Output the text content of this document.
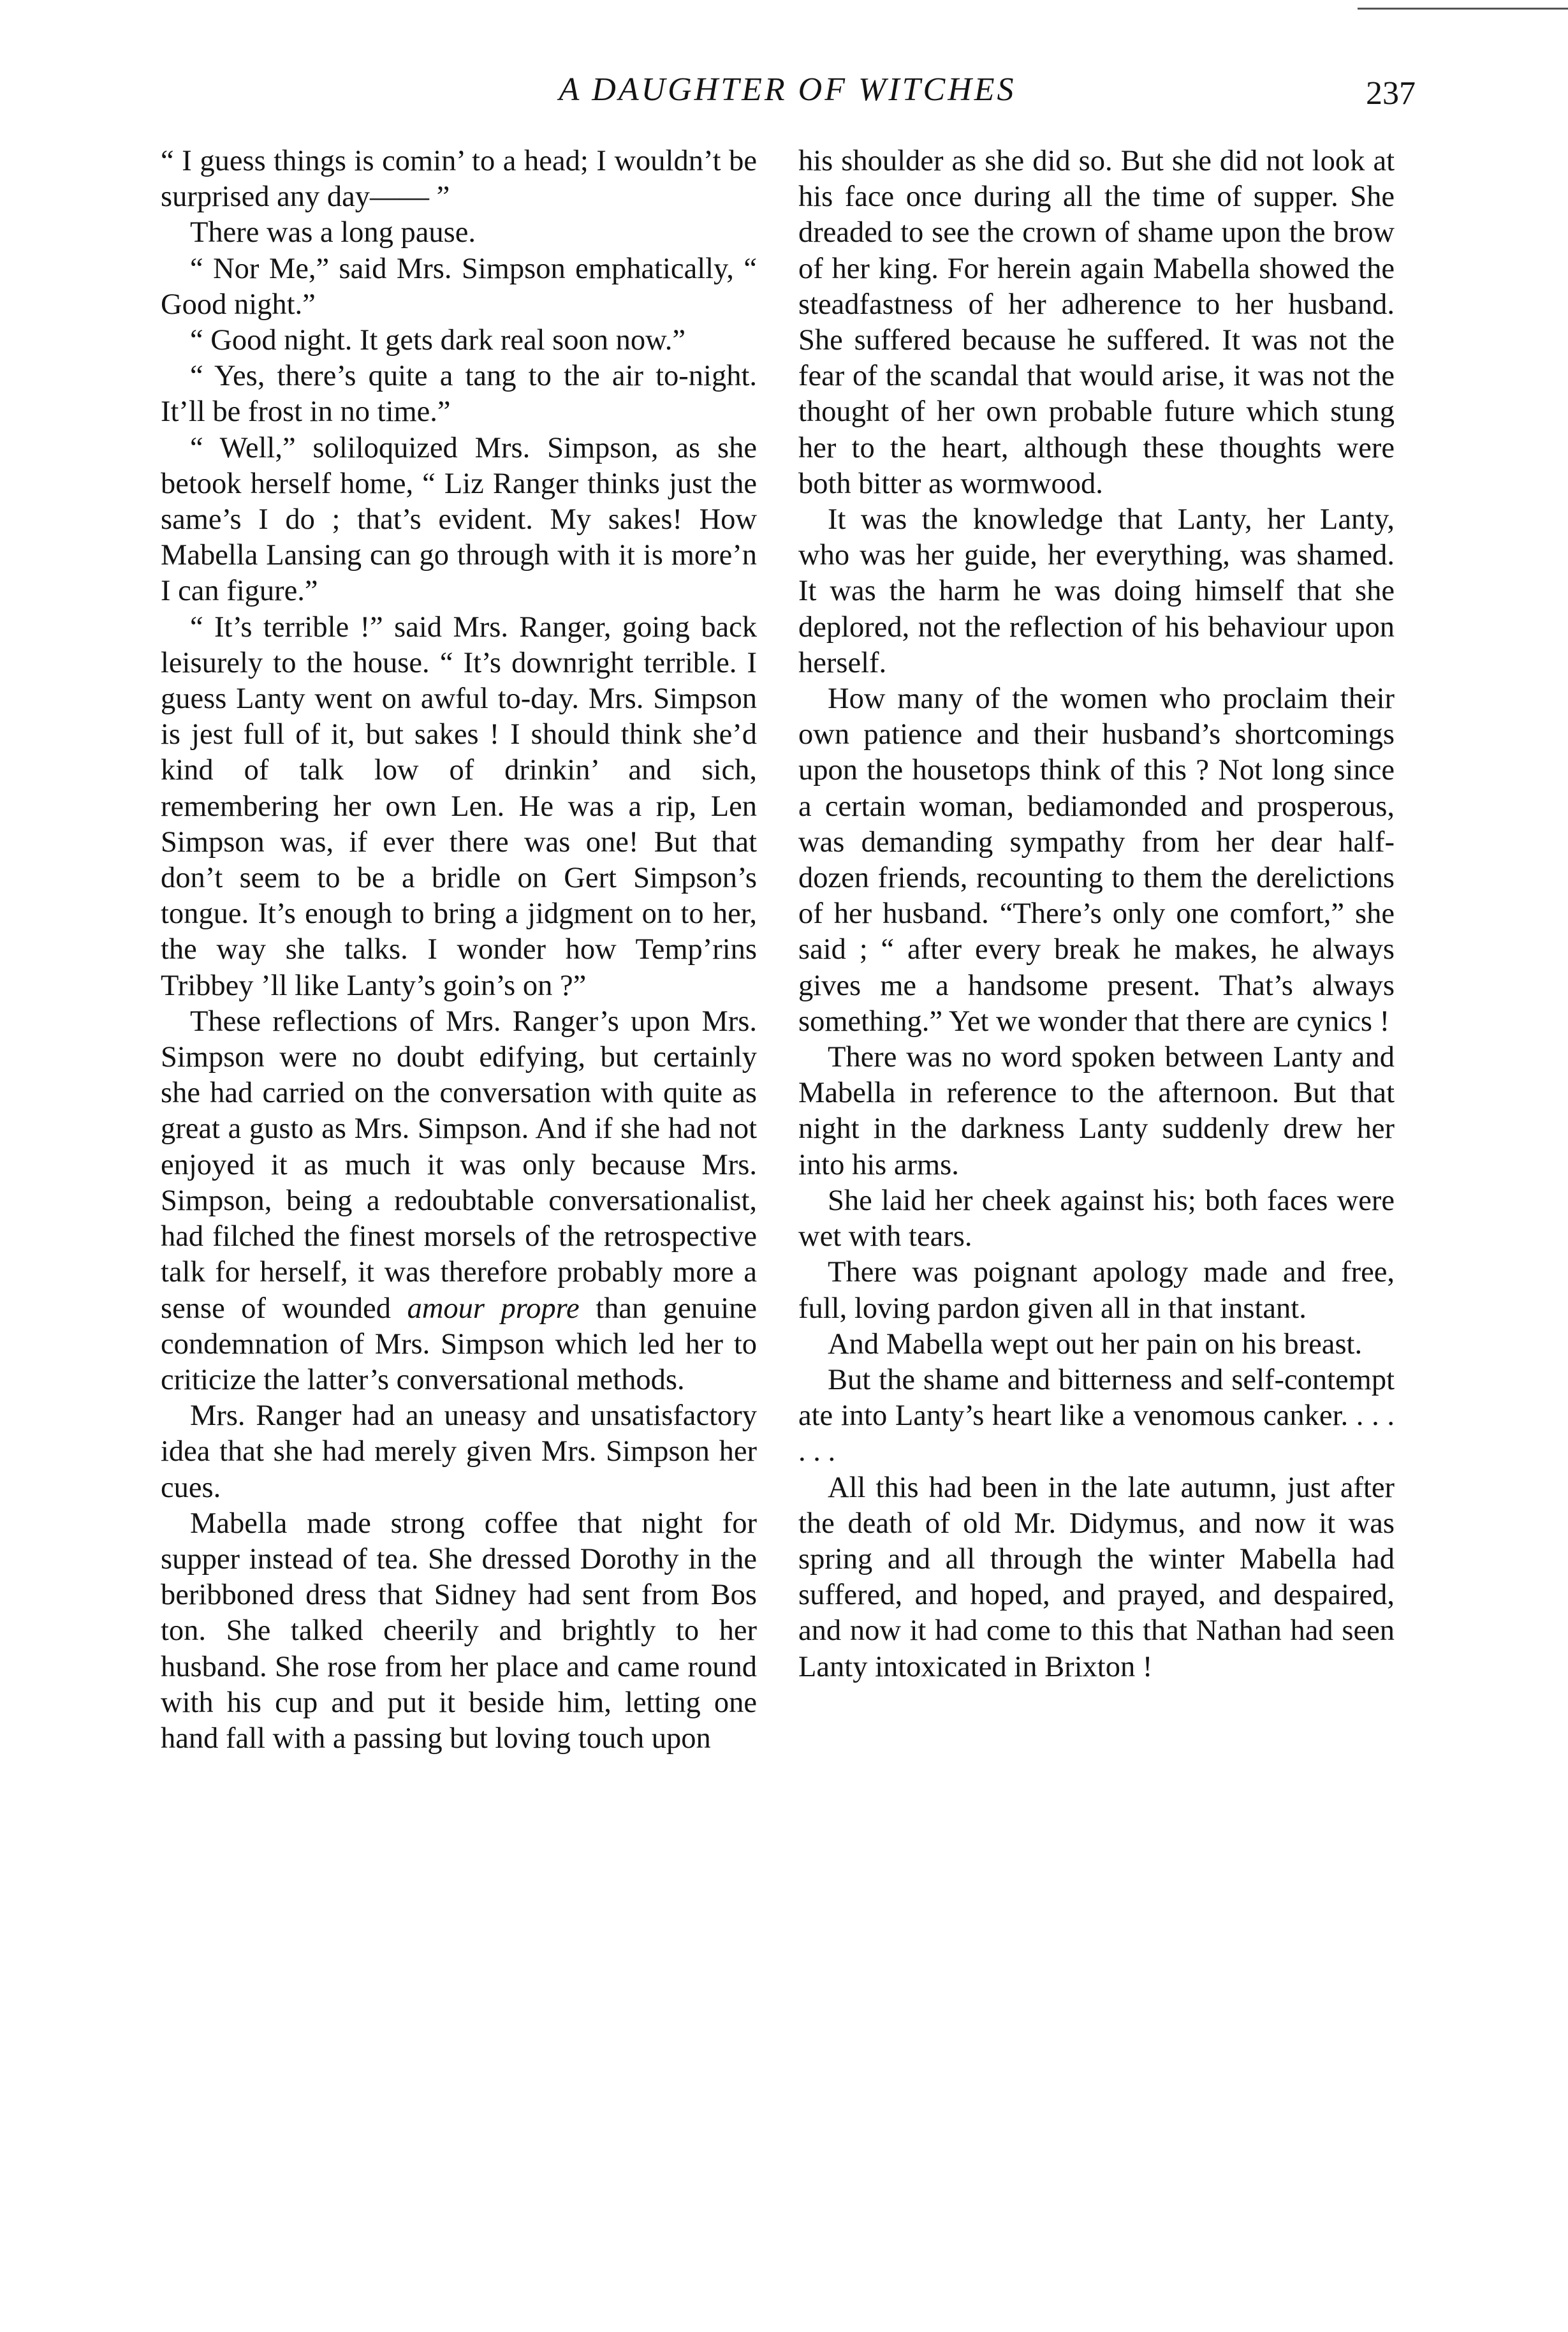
A DAUGHTER OF WITCHES	237

“ I guess things is comin’ to a head; I wouldn’t be surprised any day—— ”

There was a long pause.

“ Nor Me,” said Mrs. Simpson emphatically, “ Good night.”

“ Good night. It gets dark real soon now.”

“ Yes, there’s quite a tang to the air to-night. It’ll be frost in no time.”

“ Well,” soliloquized Mrs. Simpson, as she betook herself home, “ Liz Ranger thinks just the same’s I do ; that’s evident. My sakes! How Mabella Lansing can go through with it is more’n I can figure.”

“ It’s terrible !” said Mrs. Ranger, going back leisurely to the house. “ It’s downright terrible. I guess Lanty went on awful to-day. Mrs. Simpson is jest full of it, but sakes ! I should think she’d kind of talk low of drinkin’ and sich, remembering her own Len. He was a rip, Len Simpson was, if ever there was one! But that don’t seem to be a bridle on Gert Simpson’s tongue. It’s enough to bring a jidgment on to her, the way she talks. I wonder how Temp’rins Tribbey ’ll like Lanty’s goin’s on ?”

These reflections of Mrs. Ranger’s upon Mrs. Simpson were no doubt edifying, but certainly she had carried on the conversation with quite as great a gusto as Mrs. Simpson. And if she had not enjoyed it as much it was only because Mrs. Simpson, being a redoubtable conversationalist, had filched the finest morsels of the retrospective talk for herself, it was therefore probably more a sense of wounded amour propre than genuine condemnation of Mrs. Simpson which led her to criticize the latter’s conversational methods.

Mrs. Ranger had an uneasy and unsatisfactory idea that she had merely given Mrs. Simpson her cues.

Mabella made strong coffee that night for supper instead of tea. She dressed Dorothy in the beribboned dress that Sidney had sent from Bos ton. She talked cheerily and brightly to her husband. She rose from her place and came round with his cup and put it beside him, letting one hand fall with a passing but loving touch upon

his shoulder as she did so. But she did not look at his face once during all the time of supper. She dreaded to see the crown of shame upon the brow of her king. For herein again Mabella showed the steadfastness of her adherence to her husband. She suffered because he suffered. It was not the fear of the scandal that would arise, it was not the thought of her own probable future which stung her to the heart, although these thoughts were both bitter as wormwood.

It was the knowledge that Lanty, her Lanty, who was her guide, her everything, was shamed. It was the harm he was doing himself that she deplored, not the reflection of his behaviour upon herself.

How many of the women who proclaim their own patience and their husband’s shortcomings upon the housetops think of this ? Not long since a certain woman, bediamonded and prosperous, was demanding sympathy from her dear half-dozen friends, recounting to them the derelictions of her husband. “There’s only one comfort,” she said ; “ after every break he makes, he always gives me a handsome present. That’s always something.” Yet we wonder that there are cynics !

There was no word spoken between Lanty and Mabella in reference to the afternoon. But that night in the darkness Lanty suddenly drew her into his arms.

She laid her cheek against his; both faces were wet with tears.

There was poignant apology made and free, full, loving pardon given all in that instant.

And Mabella wept out her pain on his breast.

But the shame and bitterness and self-contempt ate into Lanty’s heart like a venomous canker. . . . . . .

All this had been in the late autumn, just after the death of old Mr. Didymus, and now it was spring and all through the winter Mabella had suffered, and hoped, and prayed, and despaired, and now it had come to this that Nathan had seen Lanty intoxicated in Brixton !
